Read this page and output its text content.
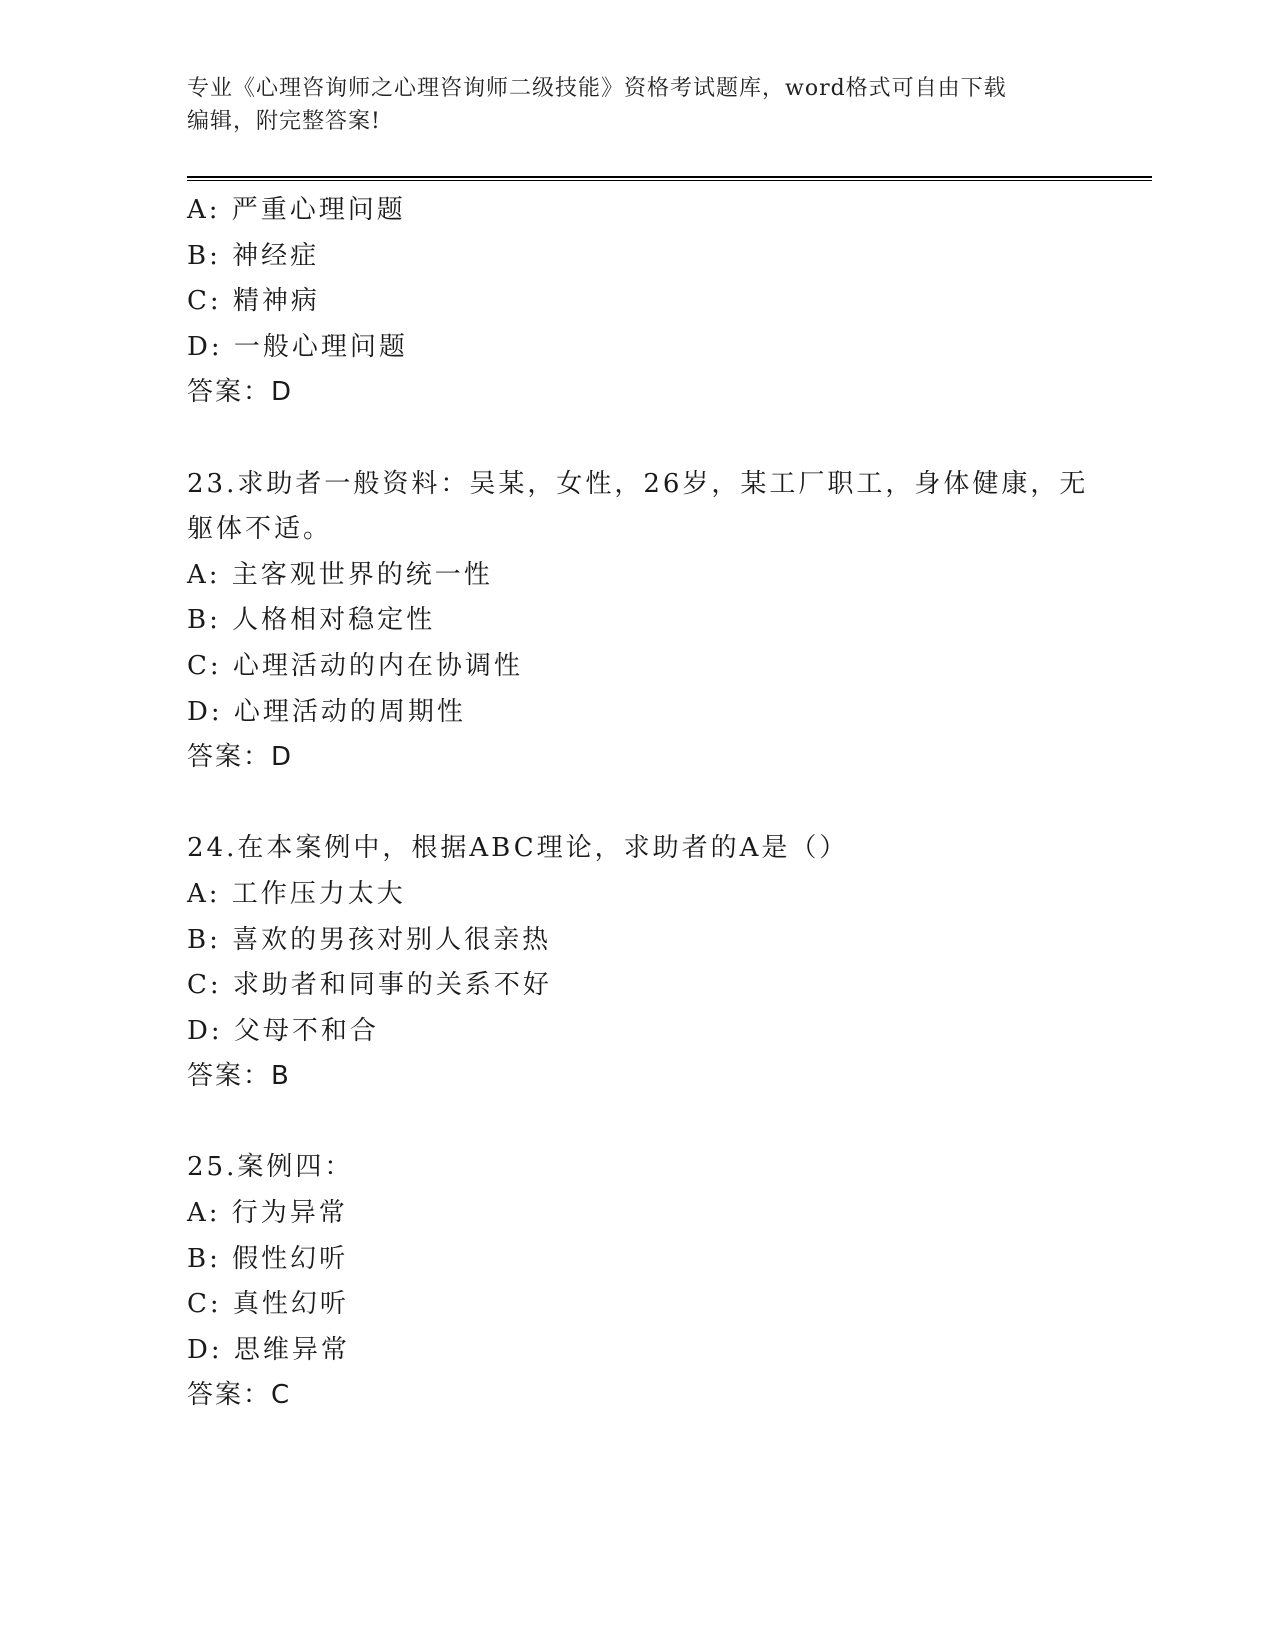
专业《心理咨询师之心理咨询师二级技能》资格考试题库，word格式可自由下载
编辑，附完整答案!
A: 严重心理问题
B: 神经症
C: 精神病
D: 一般心理问题
答案：D
23.求助者一般资料：吴某，女性，26岁，某工厂职工，身体健康，无
躯体不适。
A: 主客观世界的统一性
B: 人格相对稳定性
C: 心理活动的内在协调性
D: 心理活动的周期性
答案：D
24.在本案例中，根据ABC理论，求助者的A是（）
A: 工作压力太大
B: 喜欢的男孩对别人很亲热
C: 求助者和同事的关系不好
D: 父母不和合
答案：B
25.案例四：
A: 行为异常
B: 假性幻听
C: 真性幻听
D: 思维异常
答案：C
